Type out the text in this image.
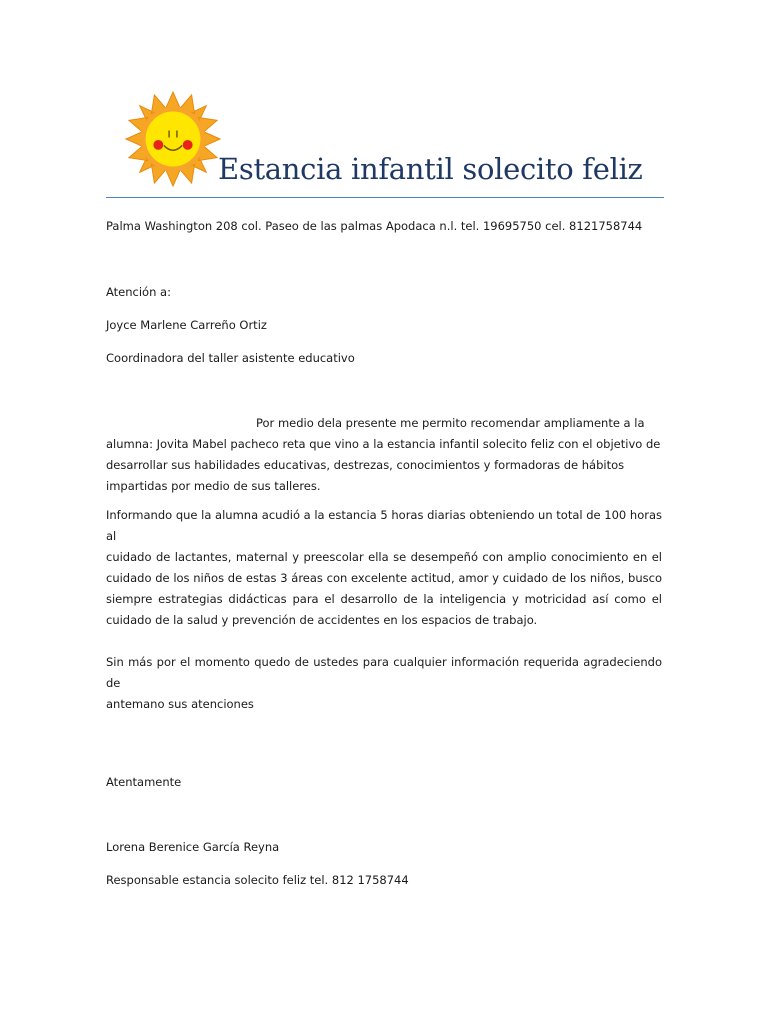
Estancia infantil solecito feliz
Palma Washington 208 col. Paseo de las palmas Apodaca n.l. tel. 19695750 cel. 8121758744
Atención a:
Joyce Marlene Carreño Ortiz
Coordinadora del taller asistente educativo
Por medio dela presente me permito recomendar ampliamente a la
alumna: Jovita Mabel pacheco reta que vino a la estancia infantil solecito feliz con el objetivo de
desarrollar sus habilidades educativas, destrezas, conocimientos y formadoras de hábitos
impartidas por medio de sus talleres.
Informando que la alumna acudió a la estancia 5 horas diarias obteniendo un total de 100 horas al
cuidado de lactantes, maternal y preescolar ella se desempeñó con amplio conocimiento en el
cuidado de los niños de estas 3 áreas con excelente actitud, amor y cuidado de los niños, busco
siempre estrategias didácticas para el desarrollo de la inteligencia y motricidad así como el
cuidado de la salud y prevención de accidentes en los espacios de trabajo.
Sin más por el momento quedo de ustedes para cualquier información requerida agradeciendo de
antemano sus atenciones
Atentamente
Lorena Berenice García Reyna
Responsable estancia solecito feliz tel. 812 1758744
